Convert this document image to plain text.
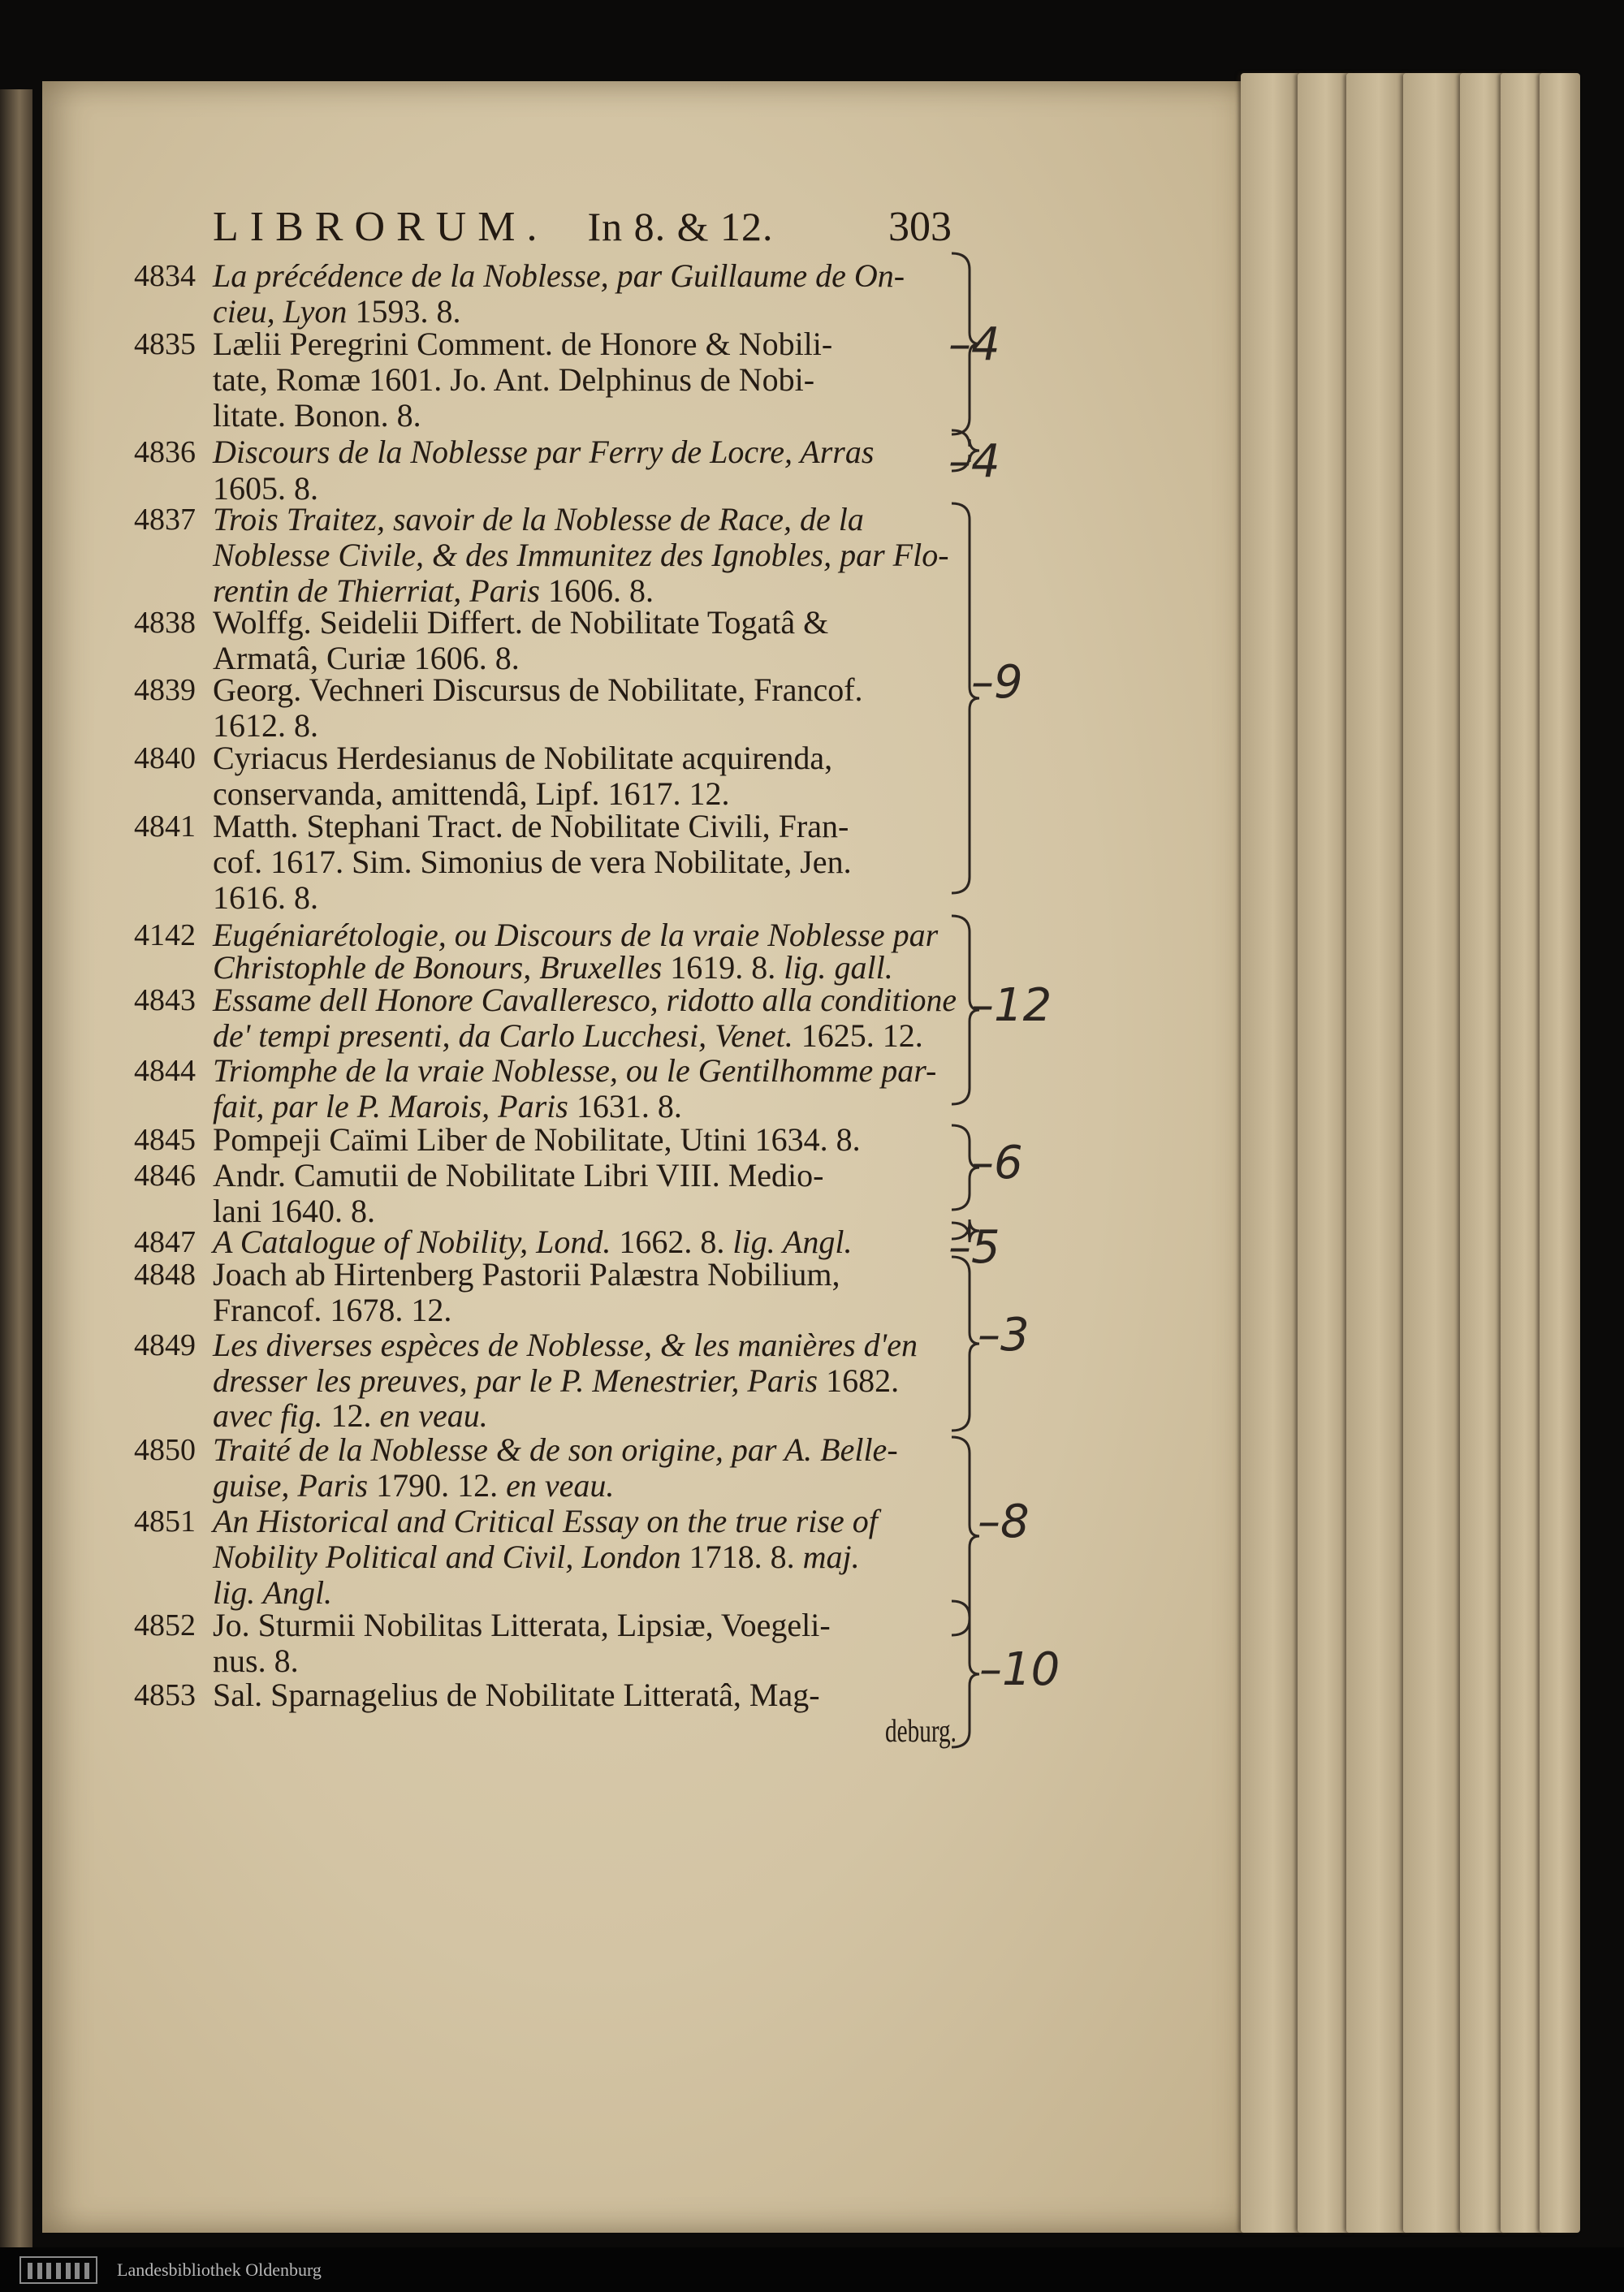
LIBRORUM. In 8. & 12.	303
4834 La précédence de la Noblesse, par Guillaume de On-
cieu, Lyon 1593. 8.
4835 Lælii Peregrini Comment. de Honore & Nobili-
tate, Romæ 1601. Jo. Ant. Delphinus de Nobi-
litate. Bonon. 8.
4836 Discours de la Noblesse par Ferry de Locre, Arras
1605. 8.
4837 Trois Traitez, savoir de la Noblesse de Race, de la
Noblesse Civile, & des Immunitez des Ignobles, par Flo-
rentin de Thierriat, Paris 1606. 8.
4838 Wolffg. Seidelii Differt. de Nobilitate Togatâ &
Armatâ, Curiæ 1606. 8.
4839 Georg. Vechneri Discursus de Nobilitate, Francof.
1612. 8.
4840 Cyriacus Herdesianus de Nobilitate acquirenda,
conservanda, amittendâ, Lipf. 1617. 12.
4841 Matth. Stephani Tract. de Nobilitate Civili, Fran-
cof. 1617. Sim. Simonius de vera Nobilitate, Jen.
1616. 8.
4142 Eugéniarétologie, ou Discours de la vraie Noblesse par
Christophle de Bonours, Bruxelles 1619. 8. lig. gall.
4843 Essame dell Honore Cavalleresco, ridotto alla conditione
de' tempi presenti, da Carlo Lucchesi, Venet. 1625. 12.
4844 Triomphe de la vraie Noblesse, ou le Gentilhomme par-
fait, par le P. Marois, Paris 1631. 8.
4845 Pompeji Caïmi Liber de Nobilitate, Utini 1634. 8.
4846 Andr. Camutii de Nobilitate Libri VIII. Medio-
lani 1640. 8.
4847 A Catalogue of Nobility, Lond. 1662. 8. lig. Angl.
4848 Joach ab Hirtenberg Pastorii Palæstra Nobilium,
Francof. 1678. 12.
4849 Les diverses espèces de Noblesse, & les manières d'en
dresser les preuves, par le P. Menestrier, Paris 1682.
avec fig. 12. en veau.
4850 Traité de la Noblesse & de son origine, par A. Belle-
guise, Paris 1790. 12. en veau.
4851 An Historical and Critical Essay on the true rise of
Nobility Political and Civil, London 1718. 8. maj.
lig. Angl.
4852 Jo. Sturmii Nobilitas Litterata, Lipsiæ, Voegeli-
nus. 8.
4853 Sal. Sparnagelius de Nobilitate Litteratâ, Mag-
deburg.
–4
–4
–9
–12
–6
–5
–3
–8
–10
Landesbibliothek Oldenburg
